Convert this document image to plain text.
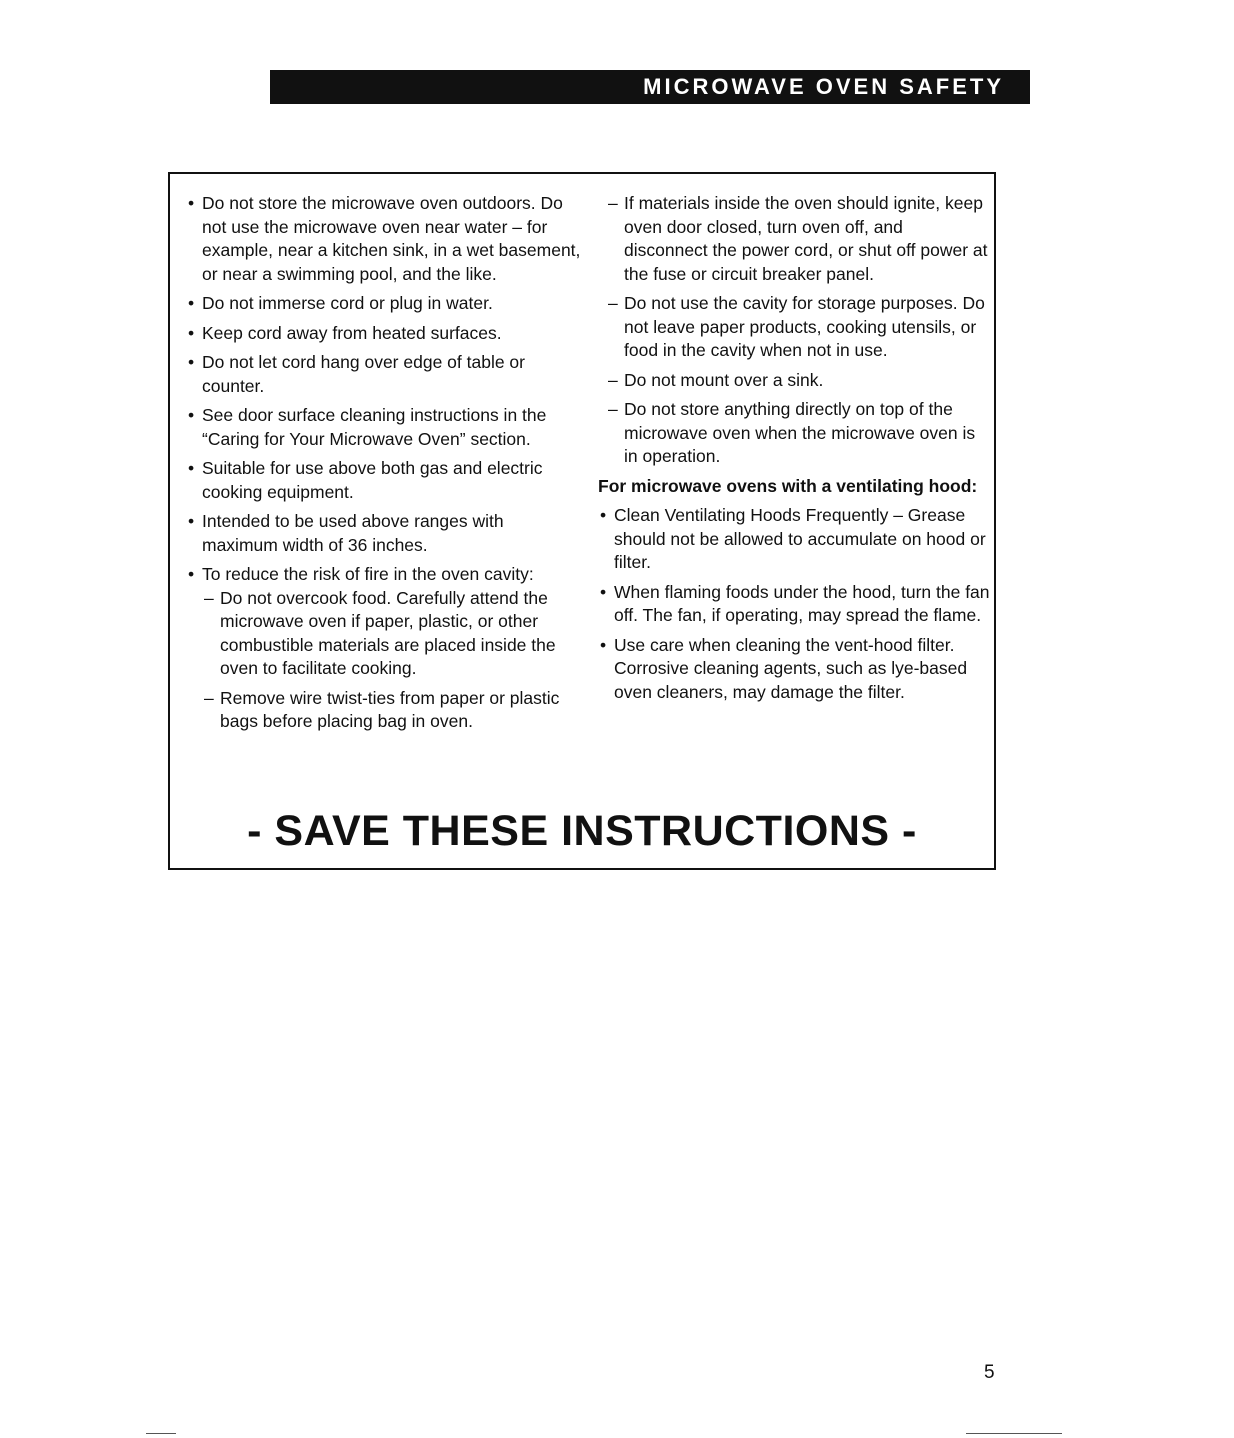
MICROWAVE OVEN SAFETY
• Do not store the microwave oven outdoors. Do not use the microwave oven near water – for example, near a kitchen sink, in a wet basement, or near a swimming pool, and the like.
• Do not immerse cord or plug in water.
• Keep cord away from heated surfaces.
• Do not let cord hang over edge of table or counter.
• See door surface cleaning instructions in the “Caring for Your Microwave Oven” section.
• Suitable for use above both gas and electric cooking equipment.
• Intended to be used above ranges with maximum width of 36 inches.
• To reduce the risk of fire in the oven cavity:
– Do not overcook food. Carefully attend the microwave oven if paper, plastic, or other combustible materials are placed inside the oven to facilitate cooking.
– Remove wire twist-ties from paper or plastic bags before placing bag in oven.
– If materials inside the oven should ignite, keep oven door closed, turn oven off, and disconnect the power cord, or shut off power at the fuse or circuit breaker panel.
– Do not use the cavity for storage purposes. Do not leave paper products, cooking utensils, or food in the cavity when not in use.
– Do not mount over a sink.
– Do not store anything directly on top of the microwave oven when the microwave oven is in operation.
For microwave ovens with a ventilating hood:
• Clean Ventilating Hoods Frequently – Grease should not be allowed to accumulate on hood or filter.
• When flaming foods under the hood, turn the fan off. The fan, if operating, may spread the flame.
• Use care when cleaning the vent-hood filter. Corrosive cleaning agents, such as lye-based oven cleaners, may damage the filter.
- SAVE THESE INSTRUCTIONS -
5
